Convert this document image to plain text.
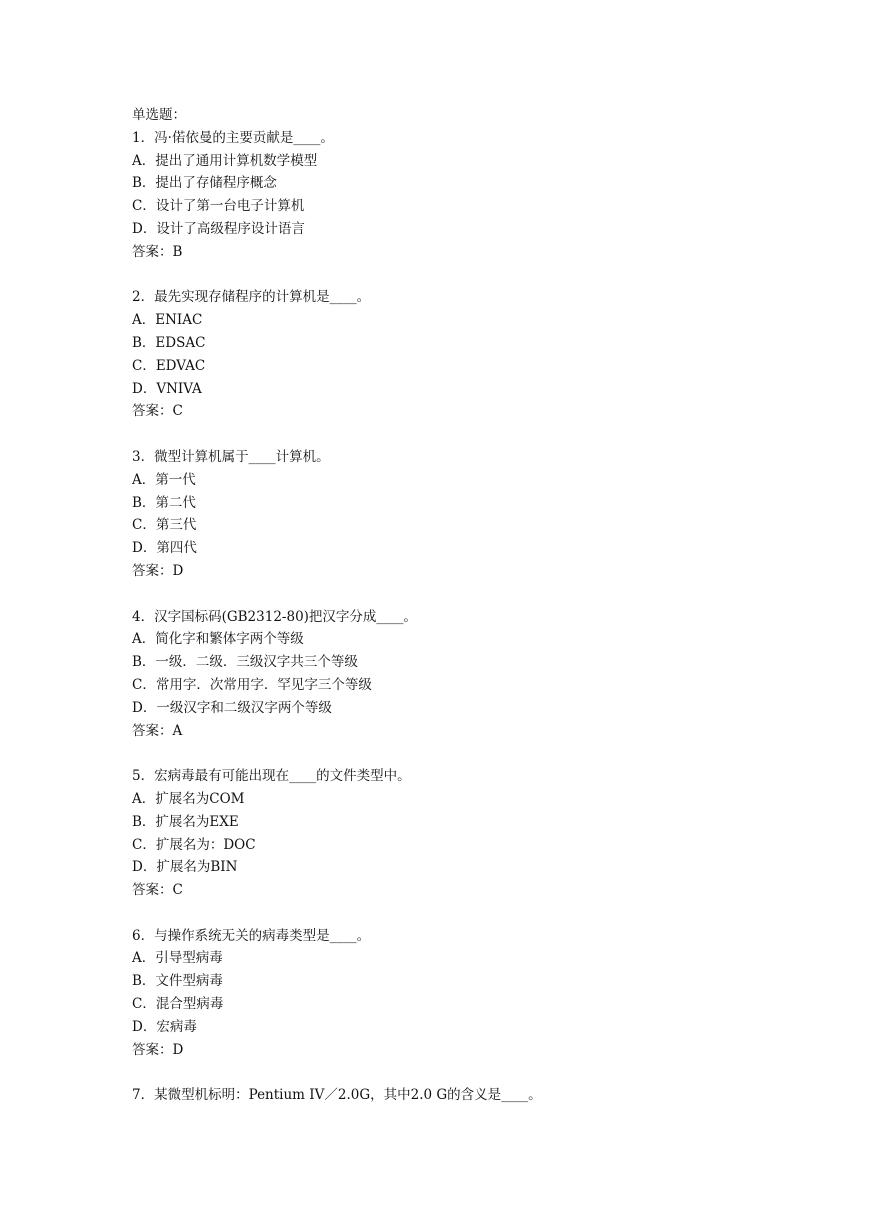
单选题：
1．冯·偌依曼的主要贡献是____。
A．提出了通用计算机数学模型
B．提出了存储程序概念
C．设计了第一台电子计算机
D．设计了高级程序设计语言
答案：B
2．最先实现存储程序的计算机是____。
A．ENIAC
B．EDSAC
C．EDVAC
D．VNIVA
答案：C
3．微型计算机属于____计算机。
A．第一代
B．第二代
C．第三代
D．第四代
答案：D
4．汉字国标码(GB2312-80)把汉字分成____。
A．简化字和繁体字两个等级
B．一级．二级．三级汉字共三个等级
C．常用字．次常用字．罕见字三个等级
D．一级汉字和二级汉字两个等级
答案：A
5．宏病毒最有可能出现在____的文件类型中。
A．扩展名为COM
B．扩展名为EXE
C．扩展名为：DOC
D．扩展名为BIN
答案：C
6．与操作系统无关的病毒类型是____。
A．引导型病毒
B．文件型病毒
C．混合型病毒
D．宏病毒
答案：D
7．某微型机标明：Pentium IV／2.0G，其中2.0 G的含义是____。
